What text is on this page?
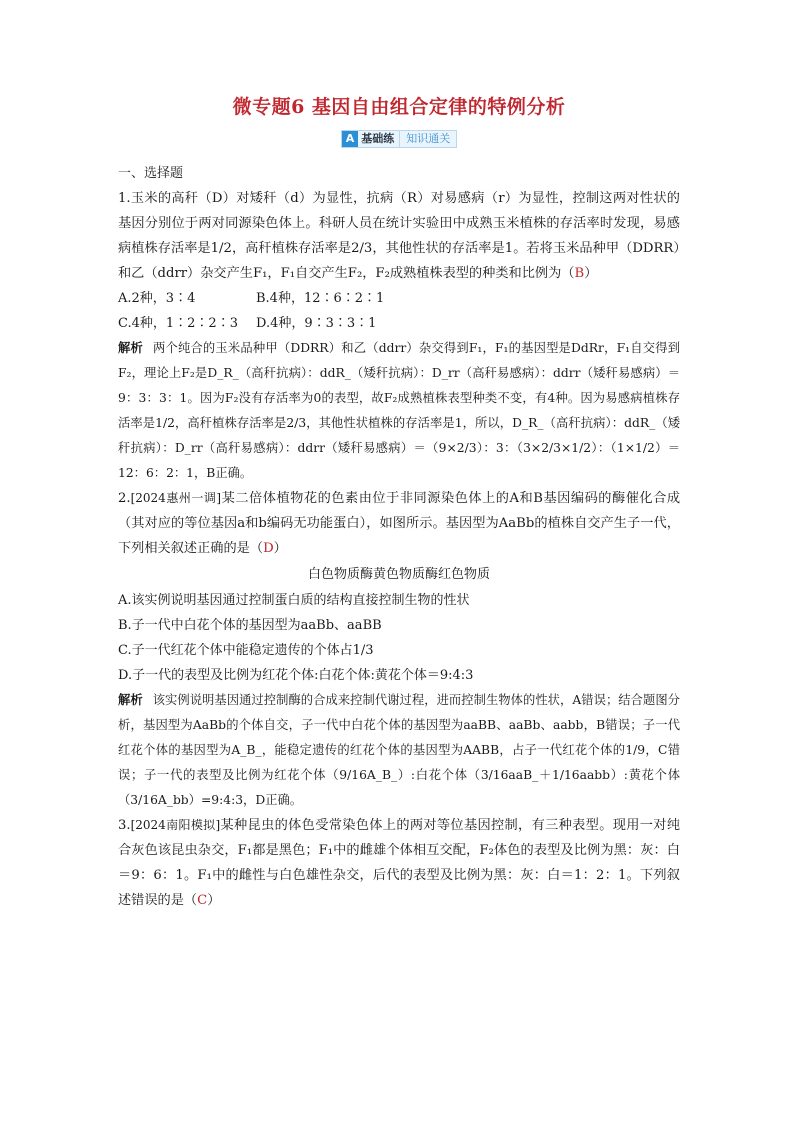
微专题6 基因自由组合定律的特例分析
A 基础练	知识通关

一、选择题

1.玉米的高秆（D）对矮秆（d）为显性，抗病（R）对易感病（r）为显性，控制这两对性状的基因分别位于两对同源染色体上。科研人员在统计实验田中成熟玉米植株的存活率时发现，易感病植株存活率是1/2，高秆植株存活率是2/3，其他性状的存活率是1。若将玉米品种甲（DDRR）和乙（ddrr）杂交产生F₁，F₁自交产生F₂，F₂成熟植株表型的种类和比例为（B）

A.2种，3∶4	B.4种，12∶6∶2∶1
C.4种，1∶2∶2∶3	D.4种，9∶3∶3∶1

解析 两个纯合的玉米品种甲（DDRR）和乙（ddrr）杂交得到F₁，F₁的基因型是DdRr，F₁自交得到F₂，理论上F₂是D_R_（高秆抗病）：ddR_（矮秆抗病）：D_rr（高秆易感病）：ddrr（矮秆易感病）＝9：3：3：1。因为F₂没有存活率为0的表型，故F₂成熟植株表型种类不变，有4种。因为易感病植株存活率是1/2，高秆植株存活率是2/3，其他性状植株的存活率是1，所以，D_R_（高秆抗病）：ddR_（矮秆抗病）：D_rr（高秆易感病）：ddrr（矮秆易感病）＝（9×2/3）：3：（3×2/3×1/2）：（1×1/2）＝12：6：2：1，B正确。

2.[2024惠州一调]某二倍体植物花的色素由位于非同源染色体上的A和B基因编码的酶催化合成（其对应的等位基因a和b编码无功能蛋白），如图所示。基因型为AaBb的植株自交产生子一代，下列相关叙述正确的是（D）

白色物质酶黄色物质酶红色物质

A.该实例说明基因通过控制蛋白质的结构直接控制生物的性状

B.子一代中白花个体的基因型为aaBb、aaBB

C.子一代红花个体中能稳定遗传的个体占1/3

D.子一代的表型及比例为红花个体:白花个体:黄花个体＝9:4:3

解析 该实例说明基因通过控制酶的合成来控制代谢过程，进而控制生物体的性状，A错误；结合题图分析，基因型为AaBb的个体自交，子一代中白花个体的基因型为aaBB、aaBb、aabb，B错误；子一代红花个体的基因型为A_B_，能稳定遗传的红花个体的基因型为AABB，占子一代红花个体的1/9，C错误；子一代的表型及比例为红花个体（9/16A_B_）:白花个体（3/16aaB_＋1/16aabb）:黄花个体（3/16A_bb）=9:4:3，D正确。

3.[2024南阳模拟]某种昆虫的体色受常染色体上的两对等位基因控制，有三种表型。现用一对纯合灰色该昆虫杂交，F₁都是黑色；F₁中的雌雄个体相互交配，F₂体色的表型及比例为黑：灰：白＝9：6：1。F₁中的雌性与白色雄性杂交，后代的表型及比例为黑：灰：白＝1：2：1。下列叙述错误的是（C）
